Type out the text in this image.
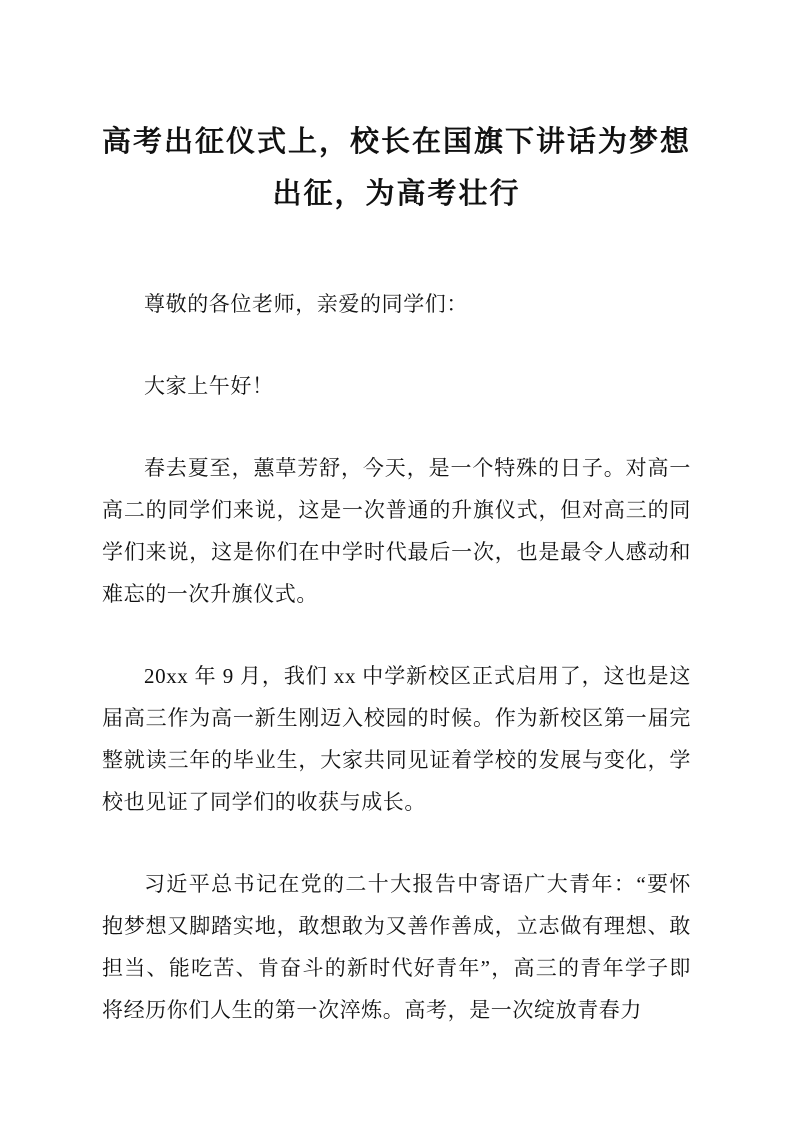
高考出征仪式上，校长在国旗下讲话为梦想出征，为高考壮行

尊敬的各位老师，亲爱的同学们：

大家上午好！

春去夏至，蕙草芳舒，今天，是一个特殊的日子。对高一高二的同学们来说，这是一次普通的升旗仪式，但对高三的同学们来说，这是你们在中学时代最后一次，也是最令人感动和难忘的一次升旗仪式。

20xx 年 9 月，我们 xx 中学新校区正式启用了，这也是这届高三作为高一新生刚迈入校园的时候。作为新校区第一届完整就读三年的毕业生，大家共同见证着学校的发展与变化，学校也见证了同学们的收获与成长。

习近平总书记在党的二十大报告中寄语广大青年：“要怀抱梦想又脚踏实地，敢想敢为又善作善成，立志做有理想、敢担当、能吃苦、肯奋斗的新时代好青年”，高三的青年学子即将经历你们人生的第一次淬炼。高考，是一次绽放青春力
